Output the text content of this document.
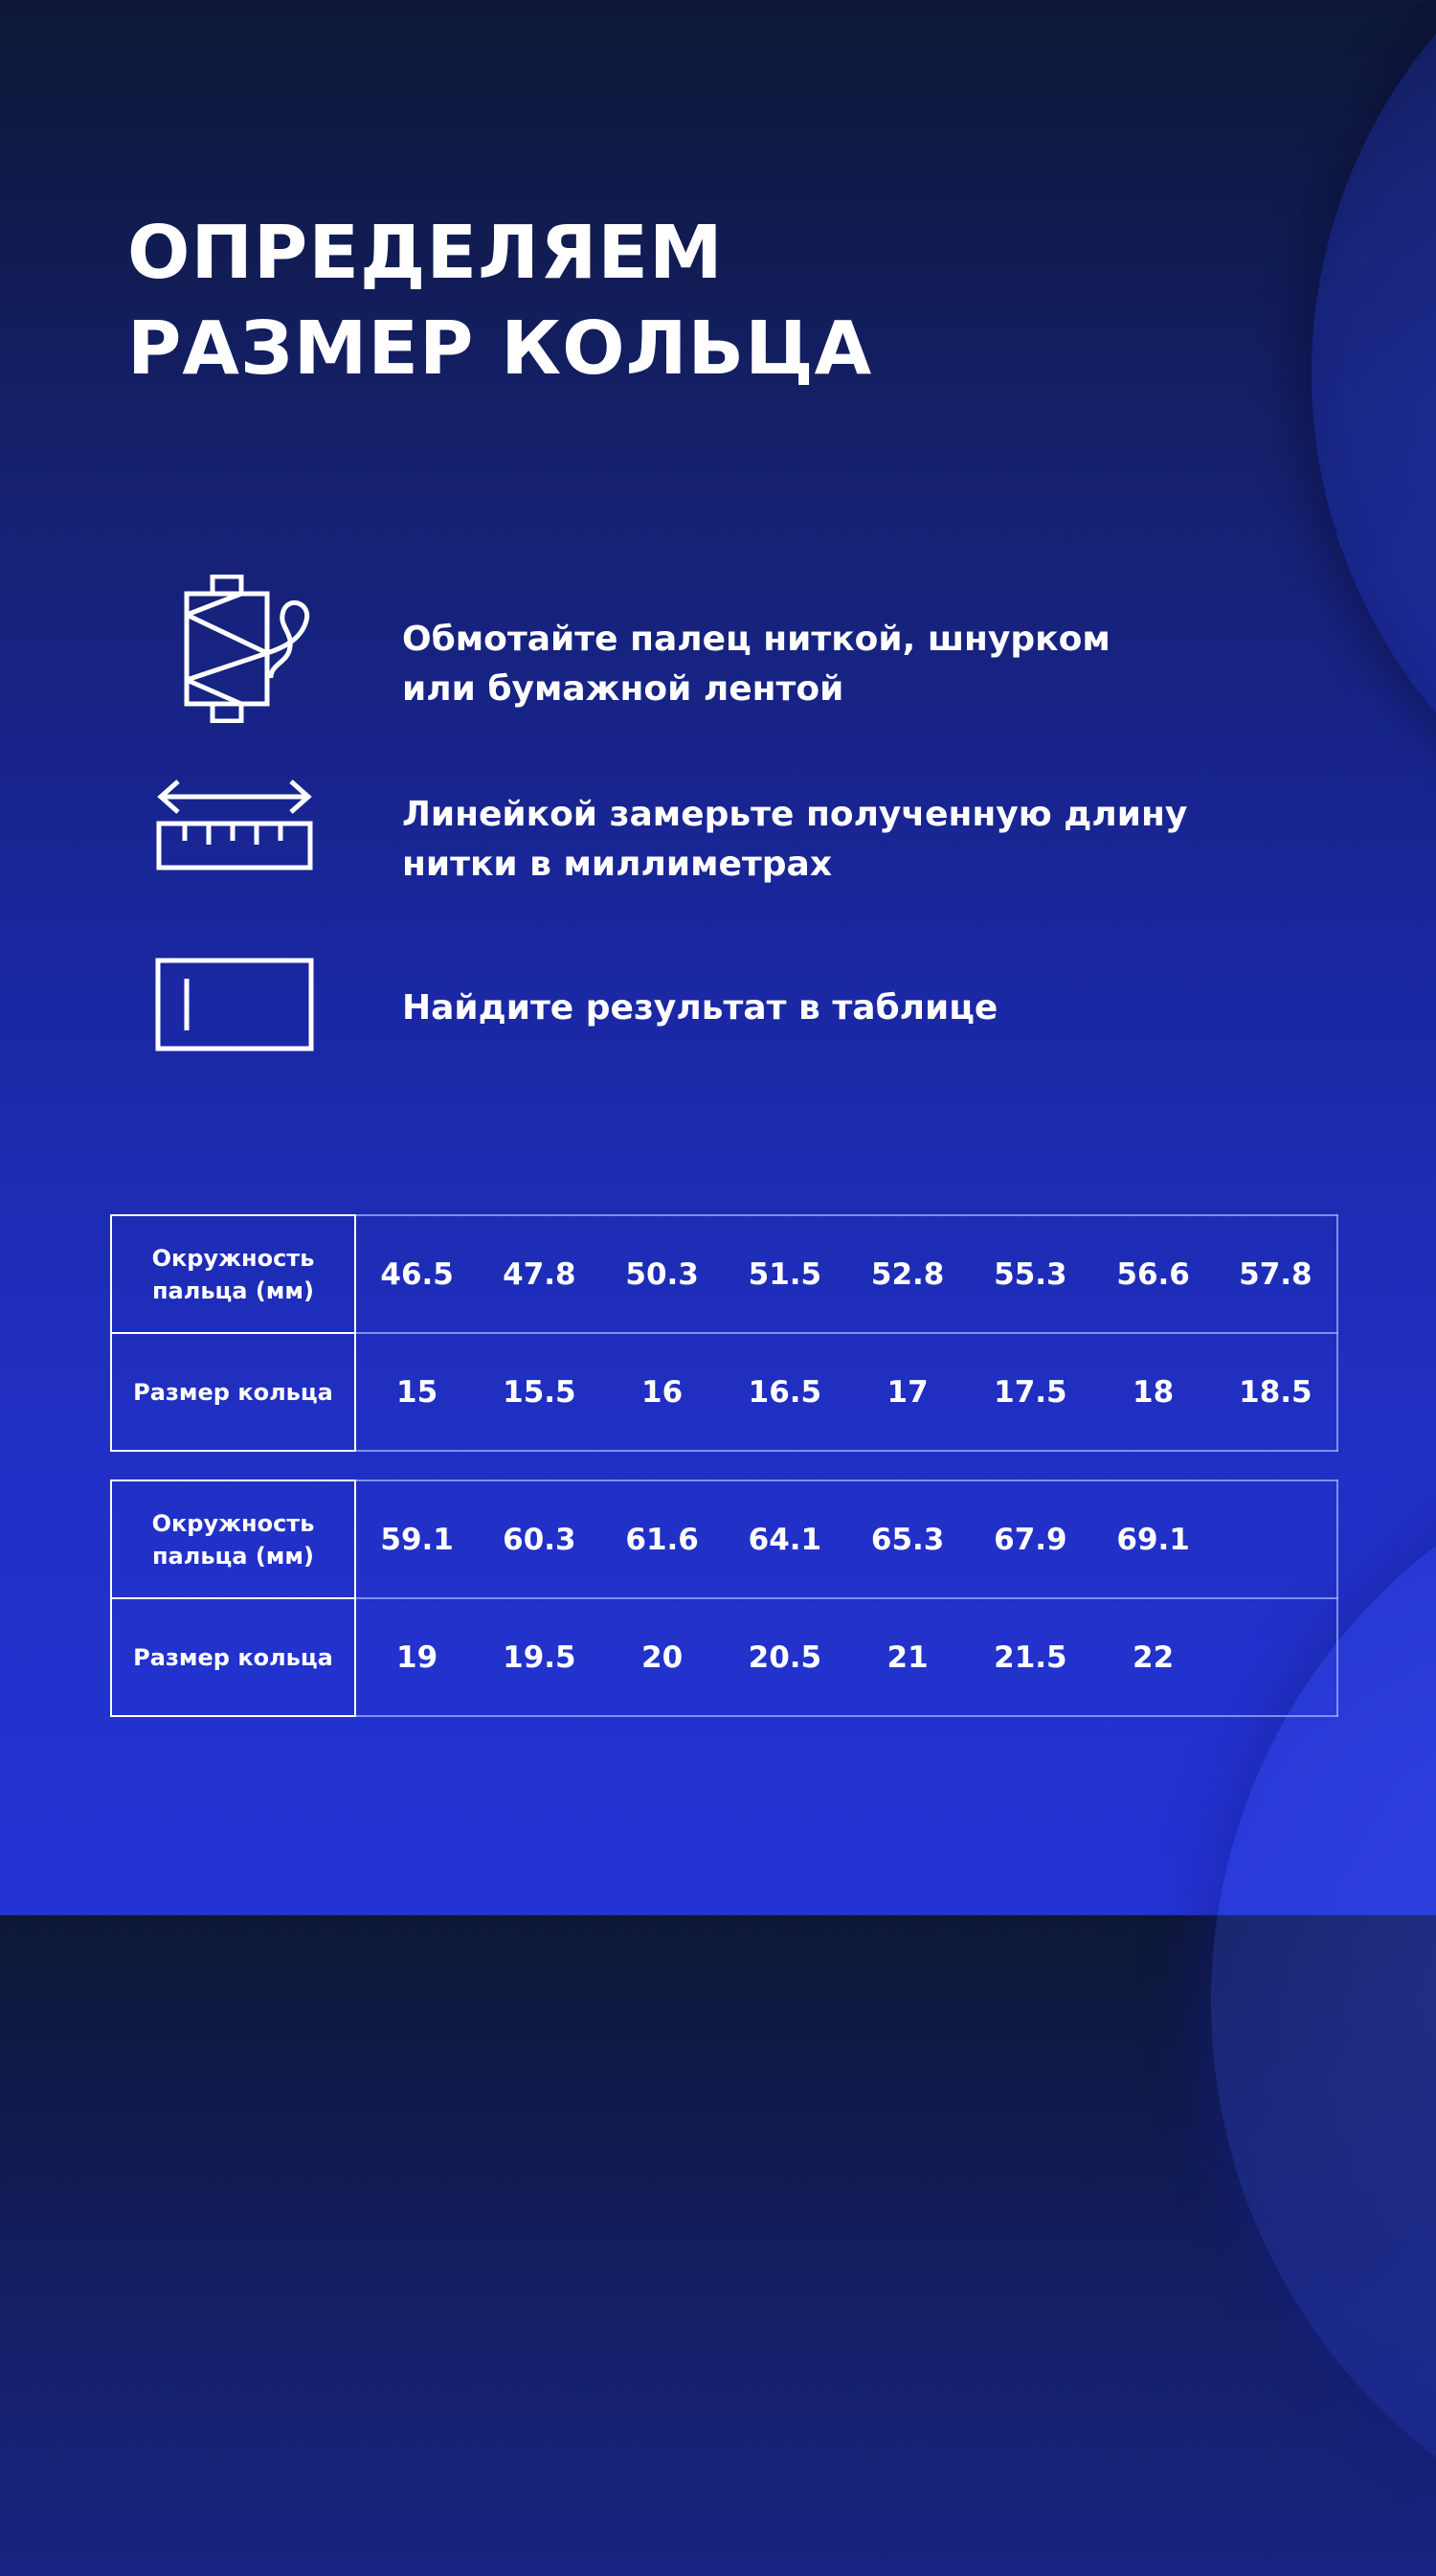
ОПРЕДЕЛЯЕМ
РАЗМЕР КОЛЬЦА
Обмотайте палец ниткой, шнурком
или бумажной лентой
Линейкой замерьте полученную длину
нитки в миллиметрах
Найдите результат в таблице
Окружность
пальца (мм)	46.5	47.8	50.3	51.5	52.8	55.3	56.6	57.8
Размер кольца	15	15.5	16	16.5	17	17.5	18	18.5
Окружность
пальца (мм)	59.1	60.3	61.6	64.1	65.3	67.9	69.1	
Размер кольца	19	19.5	20	20.5	21	21.5	22	
